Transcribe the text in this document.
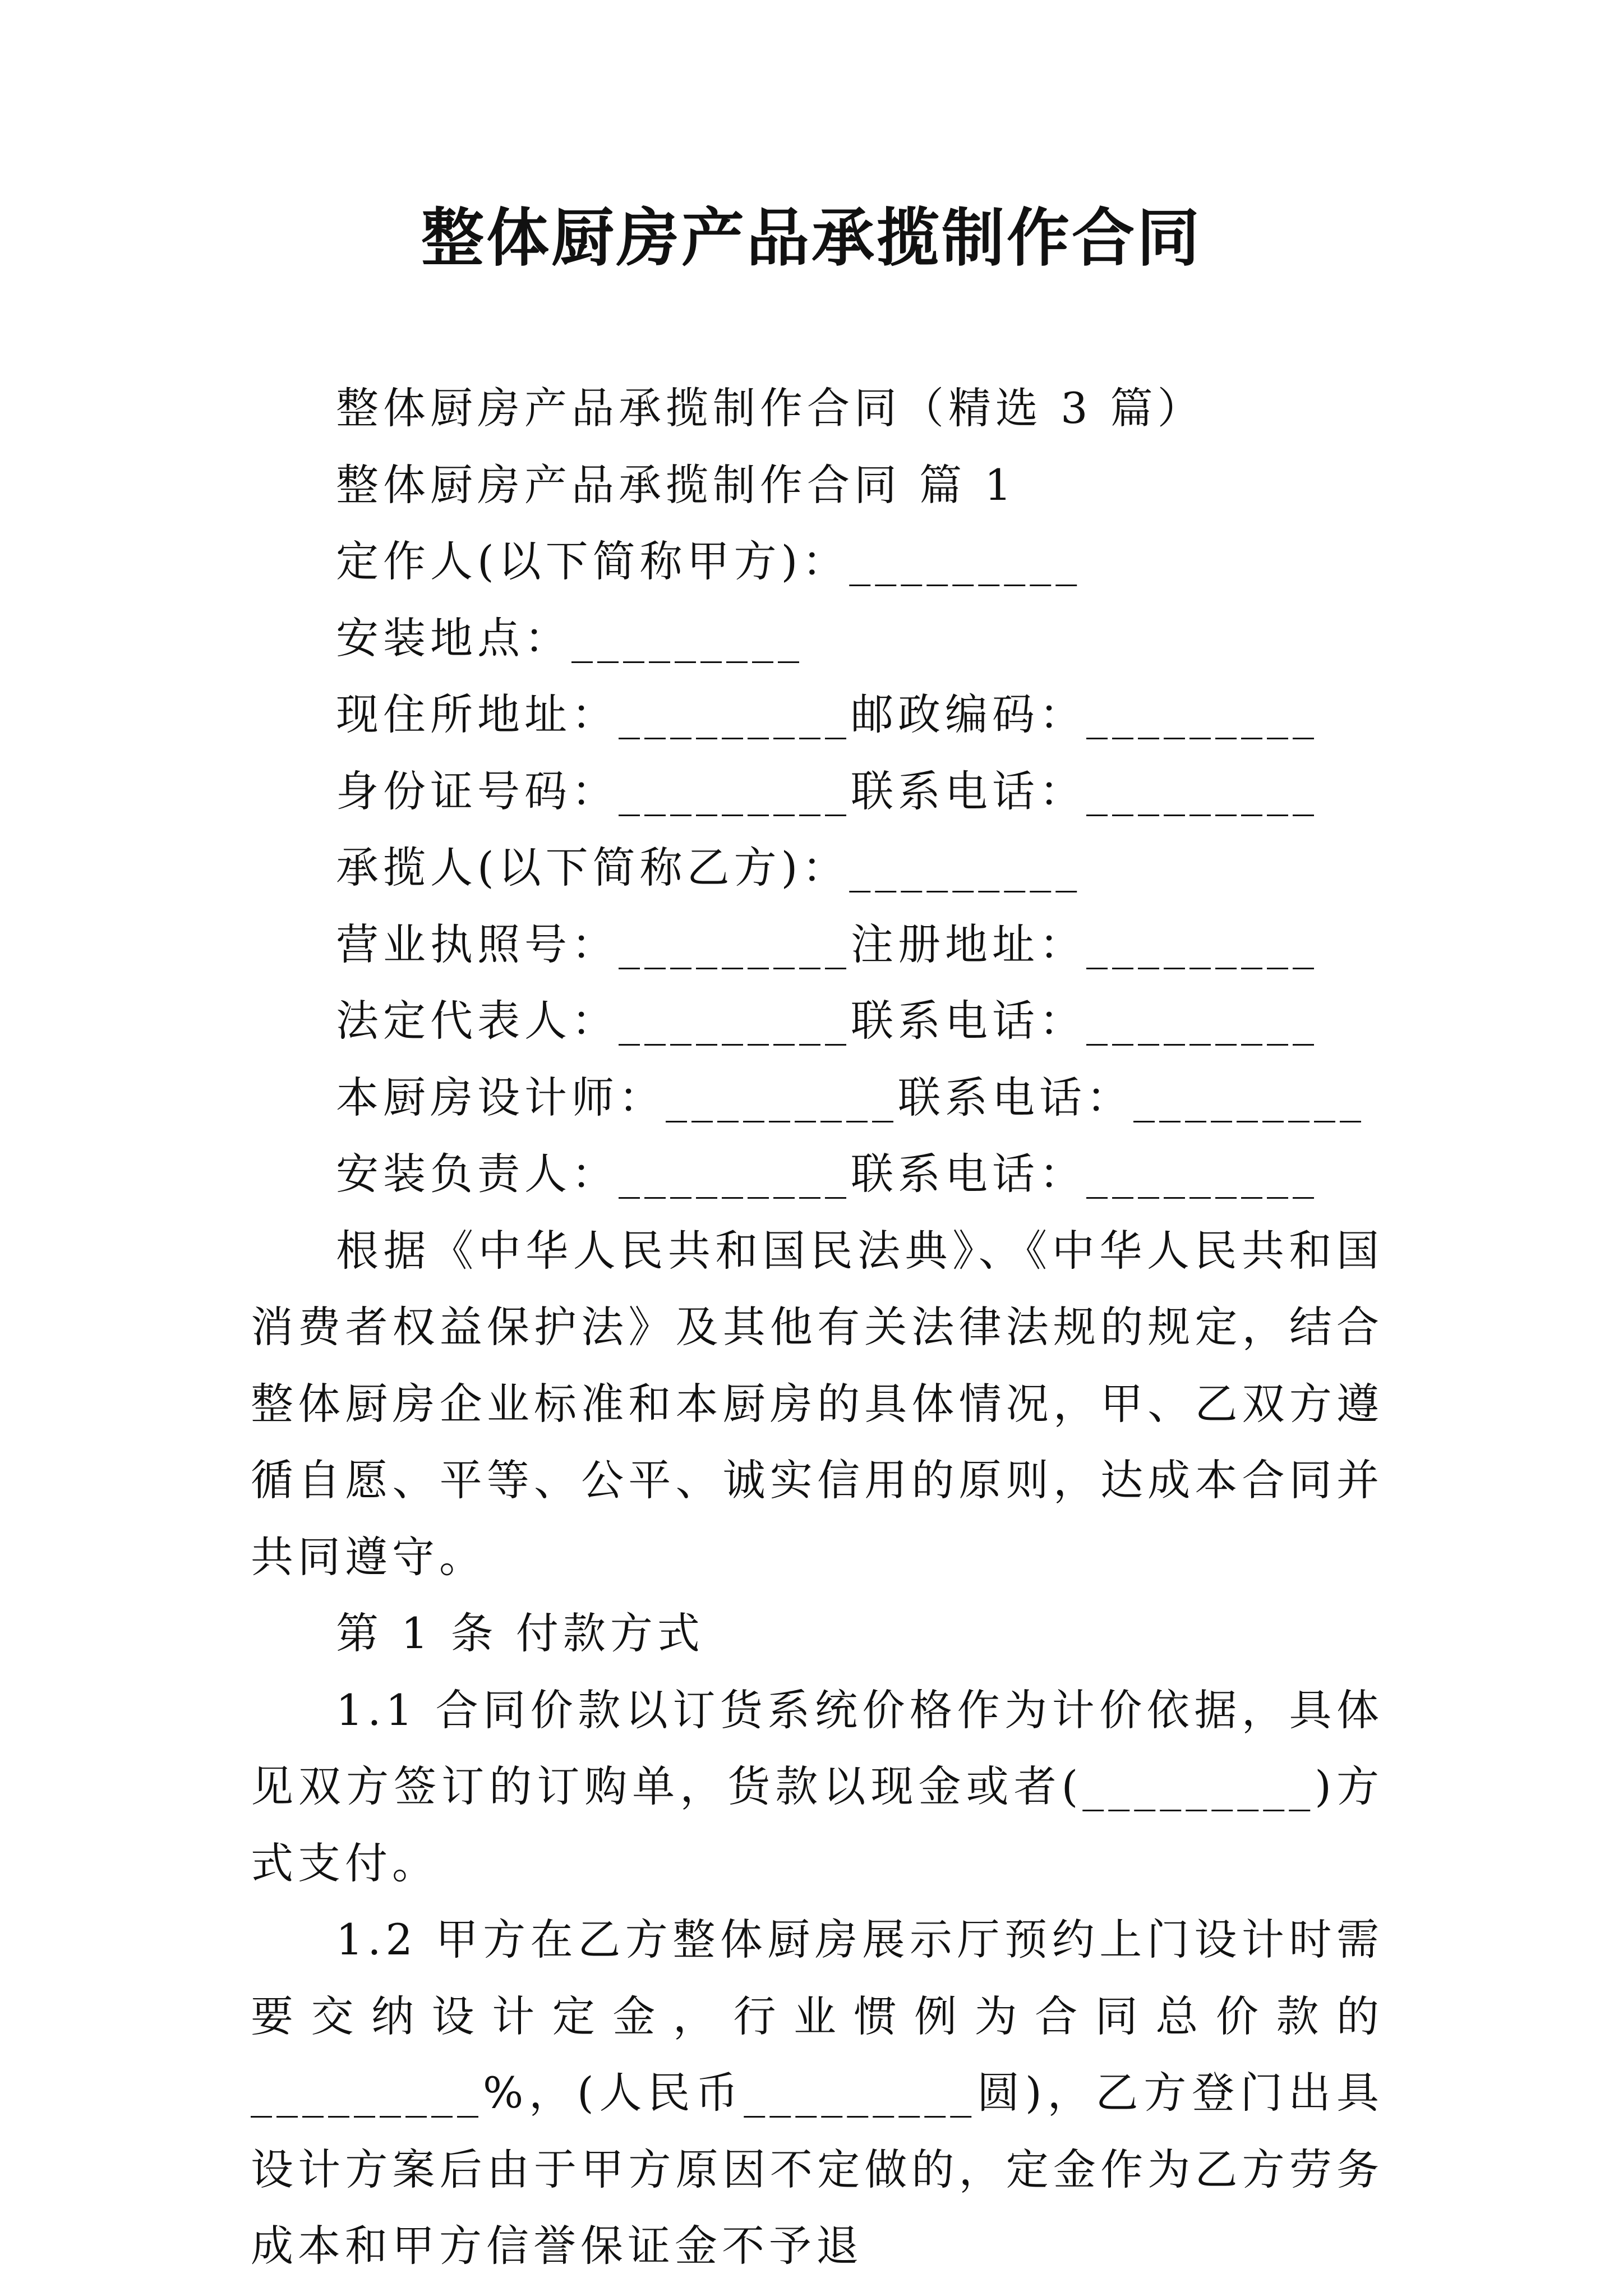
整体厨房产品承揽制作合同

整体厨房产品承揽制作合同（精选 3 篇）

整体厨房产品承揽制作合同 篇 1

定作人(以下简称甲方)：_________

安装地点：_________

现住所地址：_________邮政编码：_________

身份证号码：_________联系电话：_________

承揽人(以下简称乙方)：_________

营业执照号：_________注册地址：_________

法定代表人：_________联系电话：_________

本厨房设计师：_________联系电话：_________

安装负责人：_________联系电话：_________

根据《中华人民共和国民法典》、《中华人民共和国消费者权益保护法》及其他有关法律法规的规定，结合整体厨房企业标准和本厨房的具体情况，甲、乙双方遵循自愿、平等、公平、诚实信用的原则，达成本合同并共同遵守。

第 1 条 付款方式

1.1 合同价款以订货系统价格作为计价依据，具体见双方签订的订购单，货款以现金或者(_________)方式支付。

1.2 甲方在乙方整体厨房展示厅预约上门设计时需要交纳设计定金，行业惯例为合同总价款的_________%，(人民币_________圆)，乙方登门出具设计方案后由于甲方原因不定做的，定金作为乙方劳务成本和甲方信誉保证金不予退
